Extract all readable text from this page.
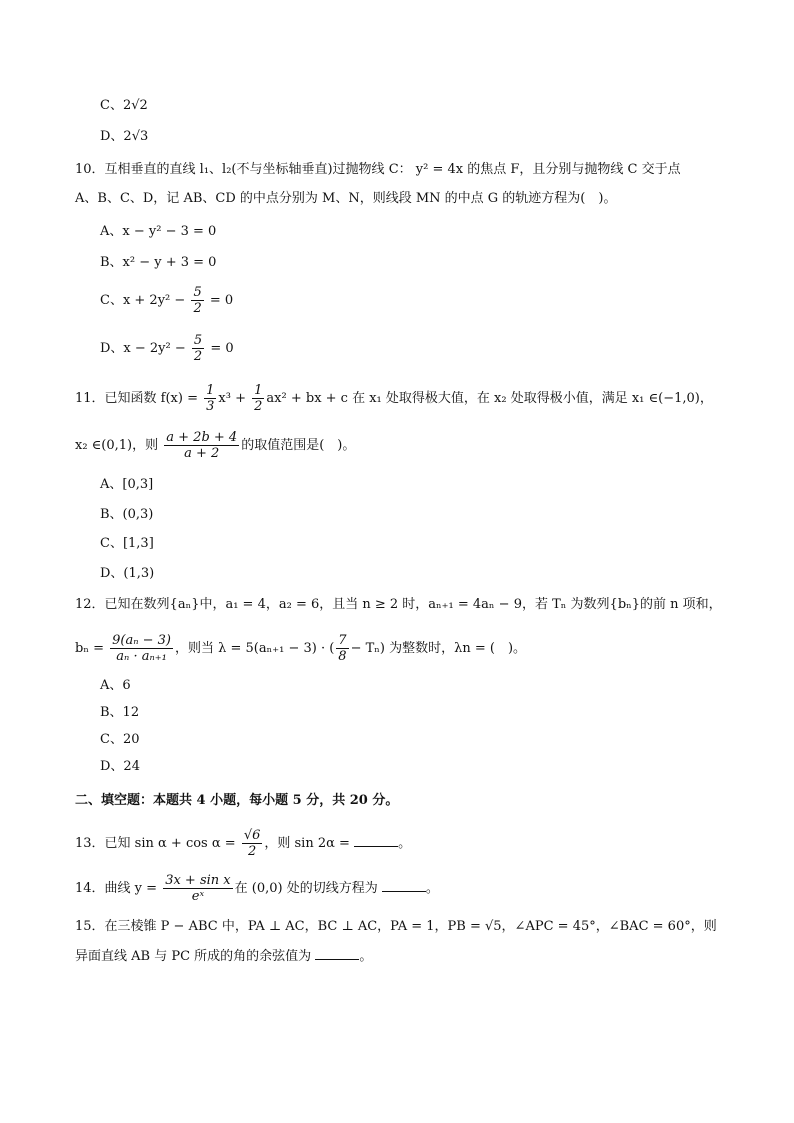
C、2√2
D、2√3
10．互相垂直的直线 l₁、l₂(不与坐标轴垂直)过抛物线 C： y² = 4x 的焦点 F，且分别与抛物线 C 交于点
A、B、C、D，记 AB、CD 的中点分别为 M、N，则线段 MN 的中点 G 的轨迹方程为(　)。
A、x − y² − 3 = 0
B、x² − y + 3 = 0
C、$x + 2y^2 - \frac{5}{2} = 0$
D、$x - 2y^2 - \frac{5}{2} = 0$
11．已知函数 $f(x) = \frac{1}{3} x^3 + \frac{1}{2} ax^2$ + bx + c 在 x₁ 处取得极大值，在 x₂ 处取得极小值，满足 x₁ ∈(−1,0)，
x₂ ∈(0,1)，则 $\frac{a + 2b + 4}{a + 2}$ 的取值范围是(　)。
A、[0,3]
B、(0,3)
C、[1,3]
D、(1,3)
12．已知在数列{aₙ}中，a₁ = 4，a₂ = 6，且当 n ≥ 2 时，aₙ₊₁ = 4aₙ − 9，若 Tₙ 为数列{bₙ}的前 n 项和，
$b_n = \frac{\text{9(aₙ − 3)}}{\text{aₙ · aₙ₊₁}}$ ，则当 λ = 5(aₙ₊₁ − 3) · ( $\frac{7}{8} - T_n$) 为整数时，λn = (　)。
A、6
B、12
C、20
D、24
二、填空题：本题共 4 小题，每小题 5 分，共 20 分。
13．已知 $\sin \alpha + \cos \alpha = \frac{√6}{2}$ ，则 sin 2α =	。
14．曲线 $y = \frac{\text{3x + sin x}}{\text{eˣ}}$ 在 (0,0) 处的切线方程为	。
15．在三棱锥 P − ABC 中，PA ⊥ AC，BC ⊥ AC，PA = 1，PB = √5，∠APC = 45°，∠BAC = 60°，则
异面直线 AB 与 PC 所成的角的余弦值为	。
